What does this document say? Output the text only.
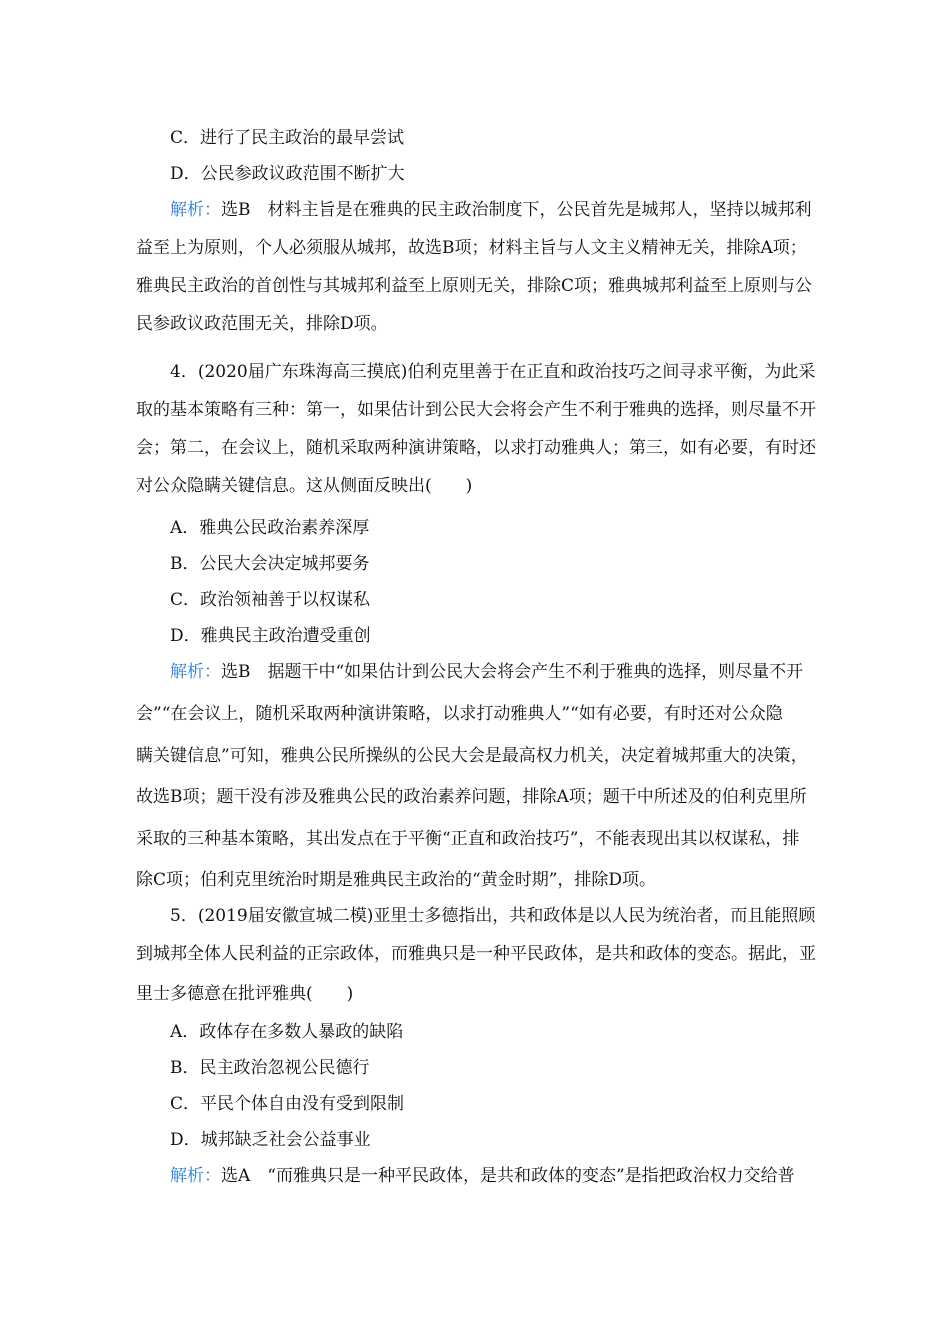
C．进行了民主政治的最早尝试
D．公民参政议政范围不断扩大
解析：选B　材料主旨是在雅典的民主政治制度下，公民首先是城邦人，坚持以城邦利
益至上为原则，个人必须服从城邦，故选B项；材料主旨与人文主义精神无关，排除A项；
雅典民主政治的首创性与其城邦利益至上原则无关，排除C项；雅典城邦利益至上原则与公
民参政议政范围无关，排除D项。
4．(2020届广东珠海高三摸底)伯利克里善于在正直和政治技巧之间寻求平衡，为此采
取的基本策略有三种：第一，如果估计到公民大会将会产生不利于雅典的选择，则尽量不开
会；第二，在会议上，随机采取两种演讲策略，以求打动雅典人；第三，如有必要，有时还
对公众隐瞒关键信息。这从侧面反映出(　　)
A．雅典公民政治素养深厚
B．公民大会决定城邦要务
C．政治领袖善于以权谋私
D．雅典民主政治遭受重创
解析：选B　据题干中“如果估计到公民大会将会产生不利于雅典的选择，则尽量不开
会”“在会议上，随机采取两种演讲策略，以求打动雅典人”“如有必要，有时还对公众隐
瞒关键信息”可知，雅典公民所操纵的公民大会是最高权力机关，决定着城邦重大的决策，
故选B项；题干没有涉及雅典公民的政治素养问题，排除A项；题干中所述及的伯利克里所
采取的三种基本策略，其出发点在于平衡“正直和政治技巧”，不能表现出其以权谋私，排
除C项；伯利克里统治时期是雅典民主政治的“黄金时期”，排除D项。
5．(2019届安徽宣城二模)亚里士多德指出，共和政体是以人民为统治者，而且能照顾
到城邦全体人民利益的正宗政体，而雅典只是一种平民政体，是共和政体的变态。据此，亚
里士多德意在批评雅典(　　)
A．政体存在多数人暴政的缺陷
B．民主政治忽视公民德行
C．平民个体自由没有受到限制
D．城邦缺乏社会公益事业
解析：选A　“而雅典只是一种平民政体，是共和政体的变态”是指把政治权力交给普
